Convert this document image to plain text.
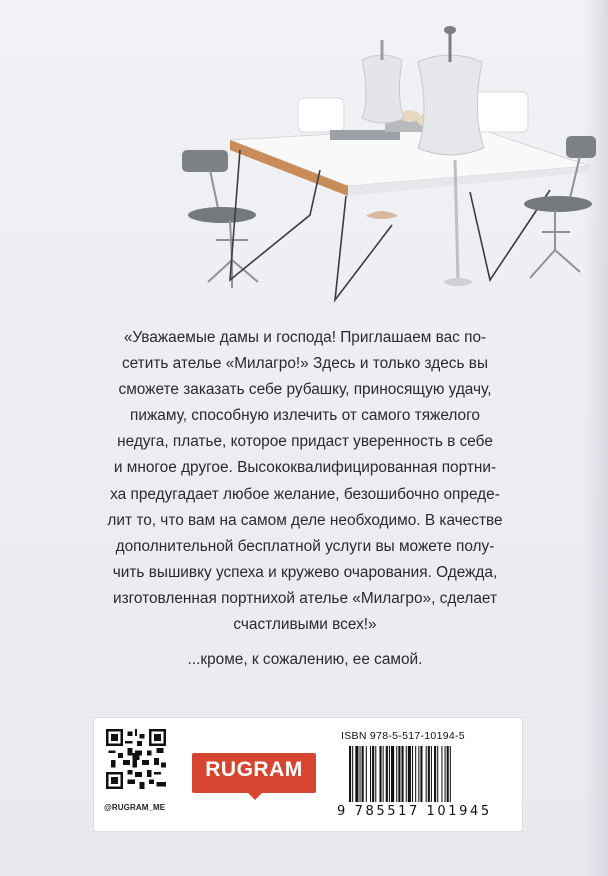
«Уважаемые дамы и господа! Приглашаем вас по-
сетить ателье «Милагро!» Здесь и только здесь вы
сможете заказать себе рубашку, приносящую удачу,
пижаму, способную излечить от самого тяжелого
недуга, платье, которое придаст уверенность в себе
и многое другое. Высококвалифицированная портни-
ха предугадает любое желание, безошибочно опреде-
лит то, что вам на самом деле необходимо. В качестве
дополнительной бесплатной услуги вы можете полу-
чить вышивку успеха и кружево очарования. Одежда,
изготовленная портнихой ателье «Милагро», сделает
счастливыми всех!»
...кроме, к сожалению, ее самой.
@RUGRAM_ME
RUGRAM
ISBN 978-5-517-10194-5
9 785517 101945
